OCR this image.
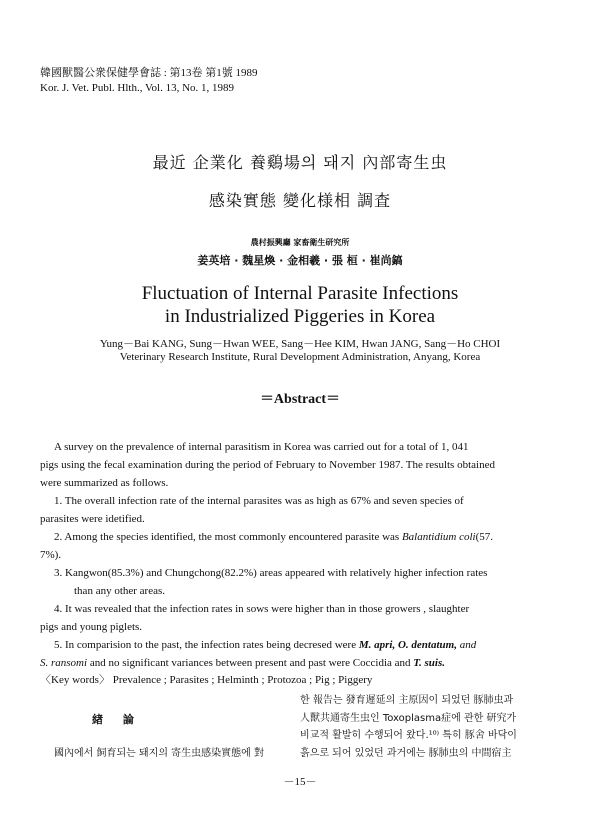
韓國獸醫公衆保健學會誌 : 第13卷 第1號 1989
Kor. J. Vet. Publ. Hlth., Vol. 13, No. 1, 1989
最近 企業化 養鷄場의 돼지 內部寄生虫
感染實態 變化様相 調査
農村振興廳 家畜衛生研究所
姜英培 · 魏星煥 · 金相羲 · 張 桓 · 崔尚鎬
Fluctuation of Internal Parasite Infections
in Industrialized Piggeries in Korea
Yung－Bai KANG, Sung－Hwan WEE, Sang－Hee KIM, Hwan JANG, Sang－Ho CHOI
Veterinary Research Institute, Rural Development Administration, Anyang, Korea
＝Abstract＝

A survey on the prevalence of internal parasitism in Korea was carried out for a total of 1, 041

pigs using the fecal examination during the period of February to November 1987. The results obtained

were summarized as follows.

1. The overall infection rate of the internal parasites was as high as 67% and seven species of

parasites were idetified.

2. Among the species identified, the most commonly encountered parasite was Balantidium coli(57.

7%).

3. Kangwon(85.3%) and Chungchong(82.2%) areas appeared with relatively higher infection rates

than any other areas.

4. It was revealed that the infection rates in sows were higher than in those growers , slaughter

pigs and young piglets.

5. In comparision to the past, the infection rates being decresed were M. apri, O. dentatum, and

S. ransomi and no significant variances between present and past were Coccidia and T. suis.

〈Key words〉 Prevalence ; Parasites ; Helminth ; Protozoa ; Pig ; Piggery
緖 論
國內에서 飼育되는 돼지의 寄生虫感染實態에 對

한 報告는 發育遲延의 主原因이 되었던 豚肺虫과

人獸共通寄生虫인 Toxoplasma症에 관한 研究가

비교적 활발히 수행되어 왔다.¹⁰⁾ 특히 豚舍 바닥이

흙으로 되어 있었던 과거에는 豚肺虫의 中間宿主

－15－
